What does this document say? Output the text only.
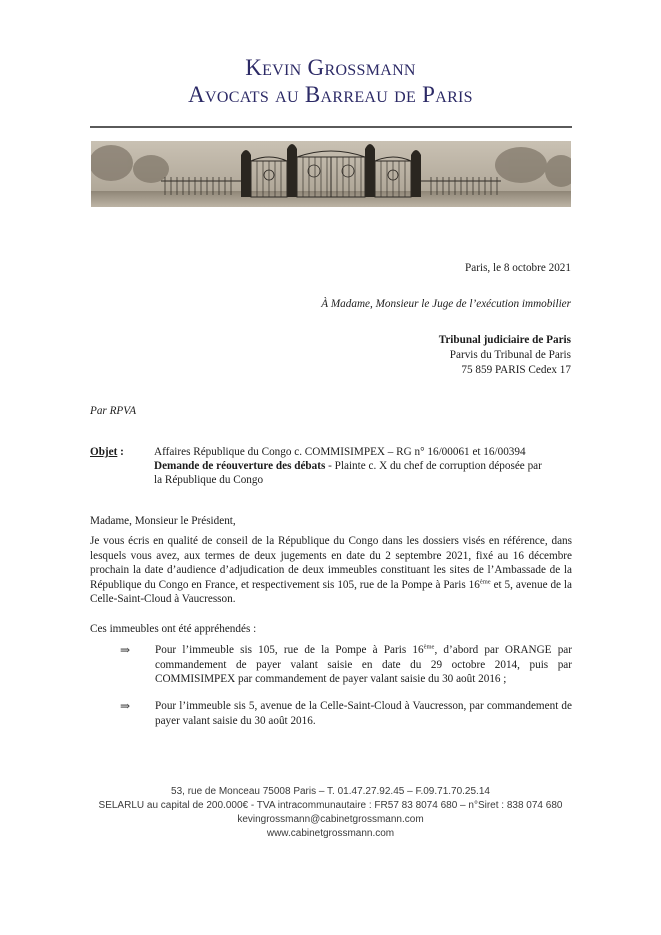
Kevin Grossmann
Avocats au Barreau de Paris
Paris, le 8 octobre 2021
À Madame, Monsieur le Juge de l’exécution immobilier
Tribunal judiciaire de Paris
Parvis du Tribunal de Paris
75 859 PARIS Cedex 17
Par RPVA
Objet :	Affaires République du Congo c. COMMISIMPEX – RG n° 16/00061 et 16/00394
Demande de réouverture des débats - Plainte c. X du chef de corruption déposée par
la République du Congo
Madame, Monsieur le Président,
Je vous écris en qualité de conseil de la République du Congo dans les dossiers visés en référence, dans lesquels vous avez, aux termes de deux jugements en date du 2 septembre 2021, fixé au 16 décembre prochain la date d’audience d’adjudication de deux immeubles constituant les sites de l’Ambassade de la République du Congo en France, et respectivement sis 105, rue de la Pompe à Paris 16ème et 5, avenue de la Celle-Saint-Cloud à Vaucresson.
Ces immeubles ont été appréhendés :
⇒ Pour l’immeuble sis 105, rue de la Pompe à Paris 16ème, d’abord par ORANGE par commandement de payer valant saisie en date du 29 octobre 2014, puis par COMMISIMPEX par commandement de payer valant saisie du 30 août 2016 ;
⇒ Pour l’immeuble sis 5, avenue de la Celle-Saint-Cloud à Vaucresson, par commandement de payer valant saisie du 30 août 2016.
53, rue de Monceau 75008 Paris – T. 01.47.27.92.45 – F.09.71.70.25.14
SELARLU au capital de 200.000€ - TVA intracommunautaire : FR57 83 8074 680 – n°Siret : 838 074 680
kevingrossmann@cabinetgrossmann.com
www.cabinetgrossmann.com
